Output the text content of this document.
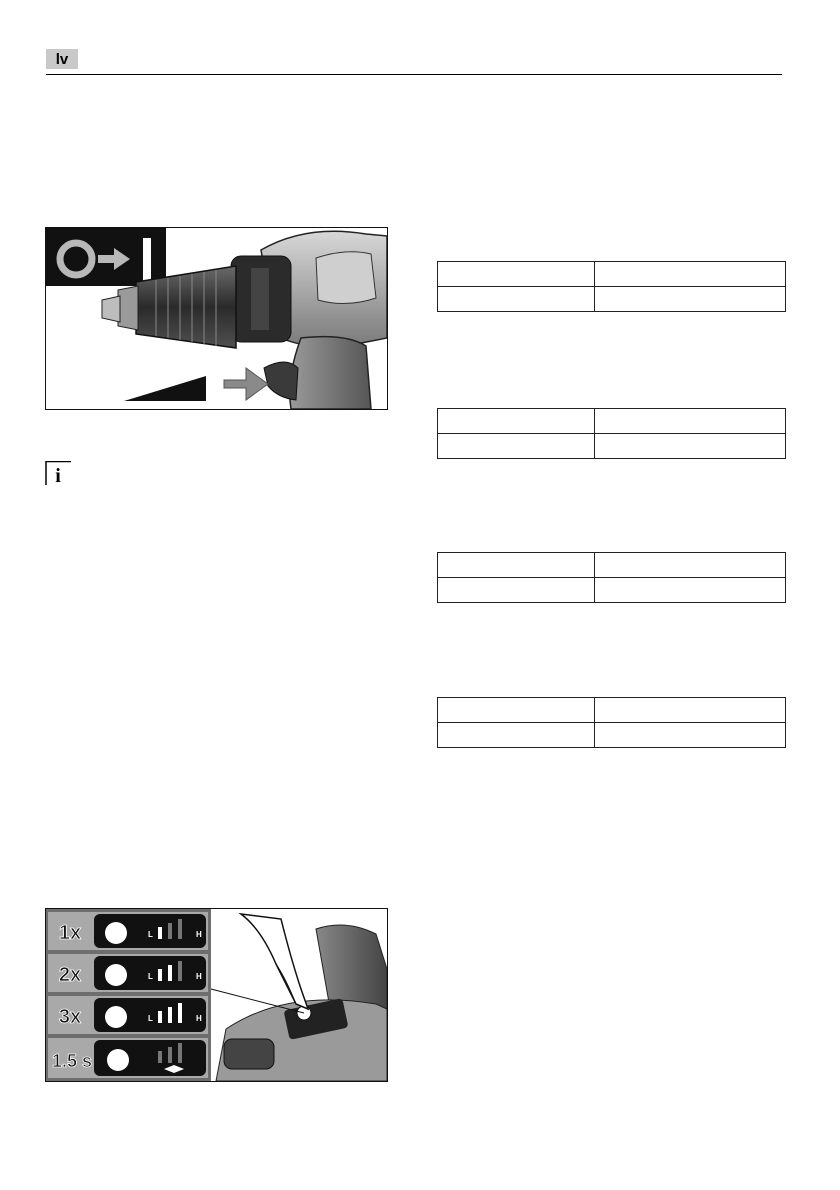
lv
i

1x	L	H
2x	L	H
3x	L	H
1.5 s
